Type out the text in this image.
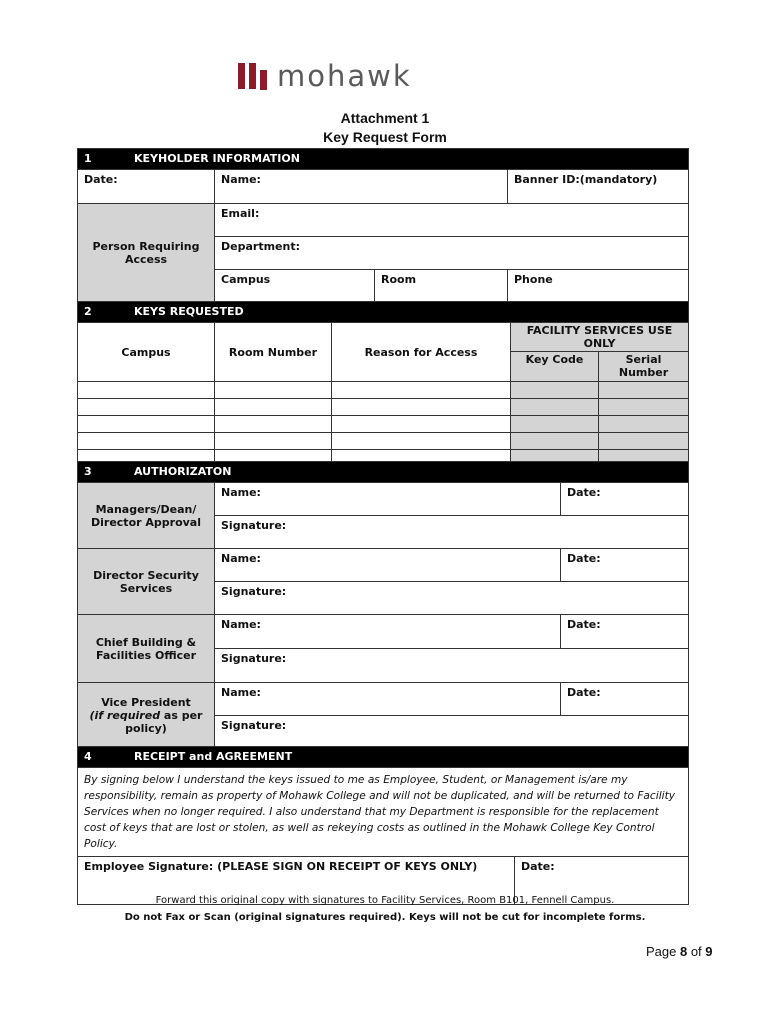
mohawk
Attachment 1
Key Request Form
1 KEYHOLDER INFORMATION			
Date:	Name:		Banner ID:(mandatory)
Person Requiring Access	Email:		
	Department:		
	Campus	Room	Phone
2 KEYS REQUESTED				
Campus	Room Number	Reason for Access	FACILITY SERVICES USE ONLY	
			Key Code	Serial Number

3 AUTHORIZATON		
Managers/Dean/ Director Approval	Name:	Date:
	Signature:	
Director Security Services	Name:	Date:
	Signature:	
Chief Building & Facilities Officer	Name:	Date:
	Signature:	
Vice President
(if required as per policy)	Name:	Date:
	Signature:	
4	RECEIPT and AGREEMENT
By signing below I understand the keys issued to me as Employee, Student, or Management is/are my responsibility, remain as property of Mohawk College and will not be duplicated, and will be returned to Facility Services when no longer required. I also understand that my Department is responsible for the replacement cost of keys that are lost or stolen, as well as rekeying costs as outlined in the Mohawk College Key Control Policy.
Employee Signature: (PLEASE SIGN ON RECEIPT OF KEYS ONLY)	Date:
Forward this original copy with signatures to Facility Services, Room B101, Fennell Campus.
Do not Fax or Scan (original signatures required). Keys will not be cut for incomplete forms.
Page 8 of 9
